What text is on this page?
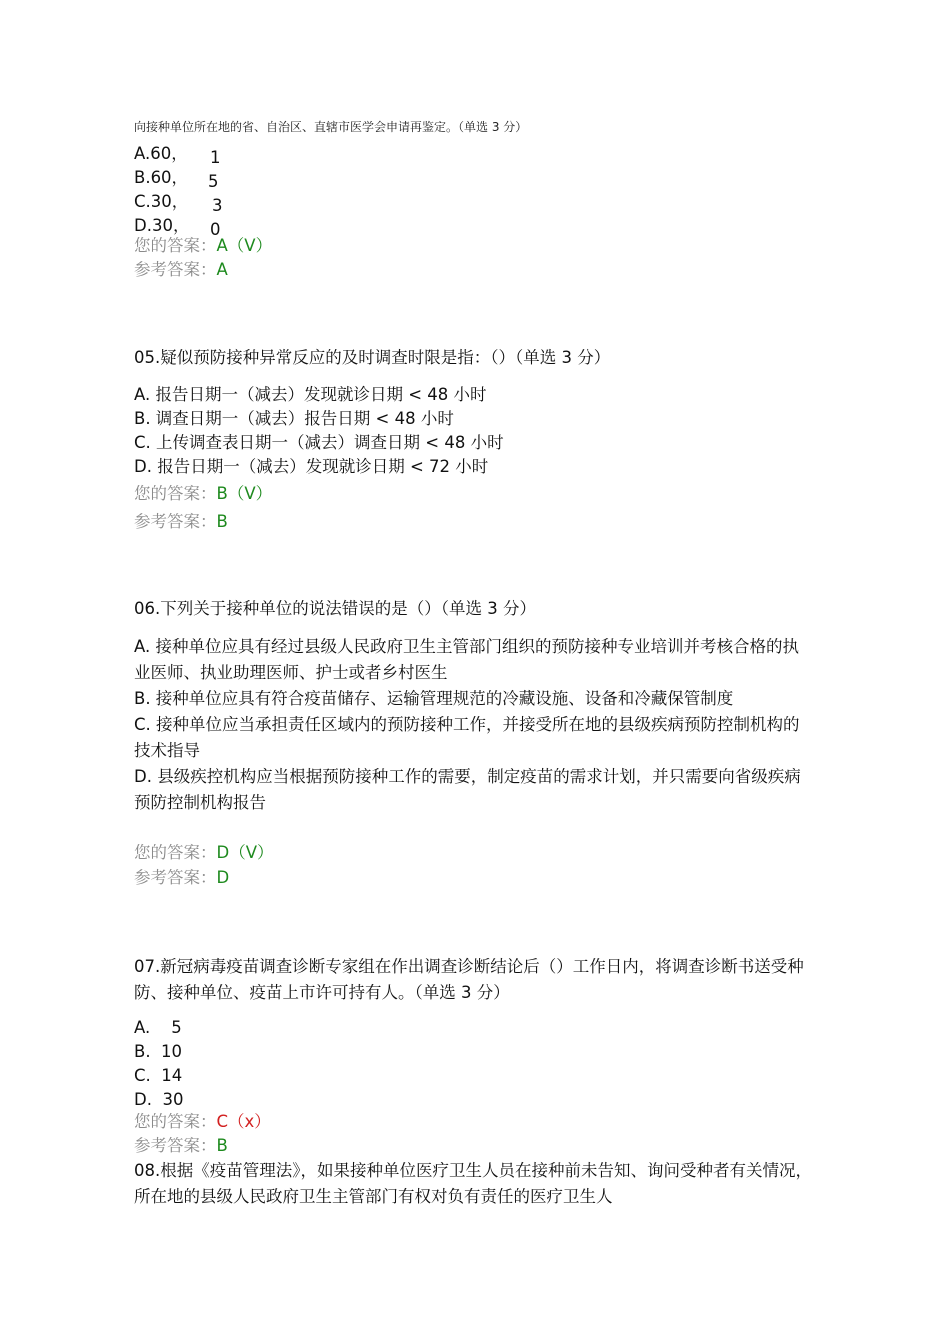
向接种单位所在地的省、自治区、直辖市医学会申请再鉴定。（单选 3 分）
A.60， 1
B.60， 5
C.30， 3
D.30， 0
您的答案：A（V）
参考答案：A
05.疑似预防接种异常反应的及时调查时限是指：（）（单选 3 分）
A. 报告日期一（减去）发现就诊日期 < 48 小时
B. 调查日期一（减去）报告日期 < 48 小时
C. 上传调查表日期一（减去）调查日期 < 48 小时
D. 报告日期一（减去）发现就诊日期 < 72 小时
您的答案：B（V）
参考答案：B
06.下列关于接种单位的说法错误的是（）（单选 3 分）
A. 接种单位应具有经过县级人民政府卫生主管部门组织的预防接种专业培训并考核合格的执业医师、执业助理医师、护士或者乡村医生
B. 接种单位应具有符合疫苗储存、运输管理规范的冷藏设施、设备和冷藏保管制度
C. 接种单位应当承担责任区域内的预防接种工作，并接受所在地的县级疾病预防控制机构的技术指导
D. 县级疾控机构应当根据预防接种工作的需要，制定疫苗的需求计划，并只需要向省级疾病预防控制机构报告
您的答案：D（V）
参考答案：D
07.新冠病毒疫苗调查诊断专家组在作出调查诊断结论后（）工作日内，将调查诊断书送受种防、接种单位、疫苗上市许可持有人。（单选 3 分）
A.    5
B.  10
C.  14
D.  30
您的答案：C（x）
参考答案：B
08.根据《疫苗管理法》，如果接种单位医疗卫生人员在接种前未告知、询问受种者有关情况，所在地的县级人民政府卫生主管部门有权对负有责任的医疗卫生人
